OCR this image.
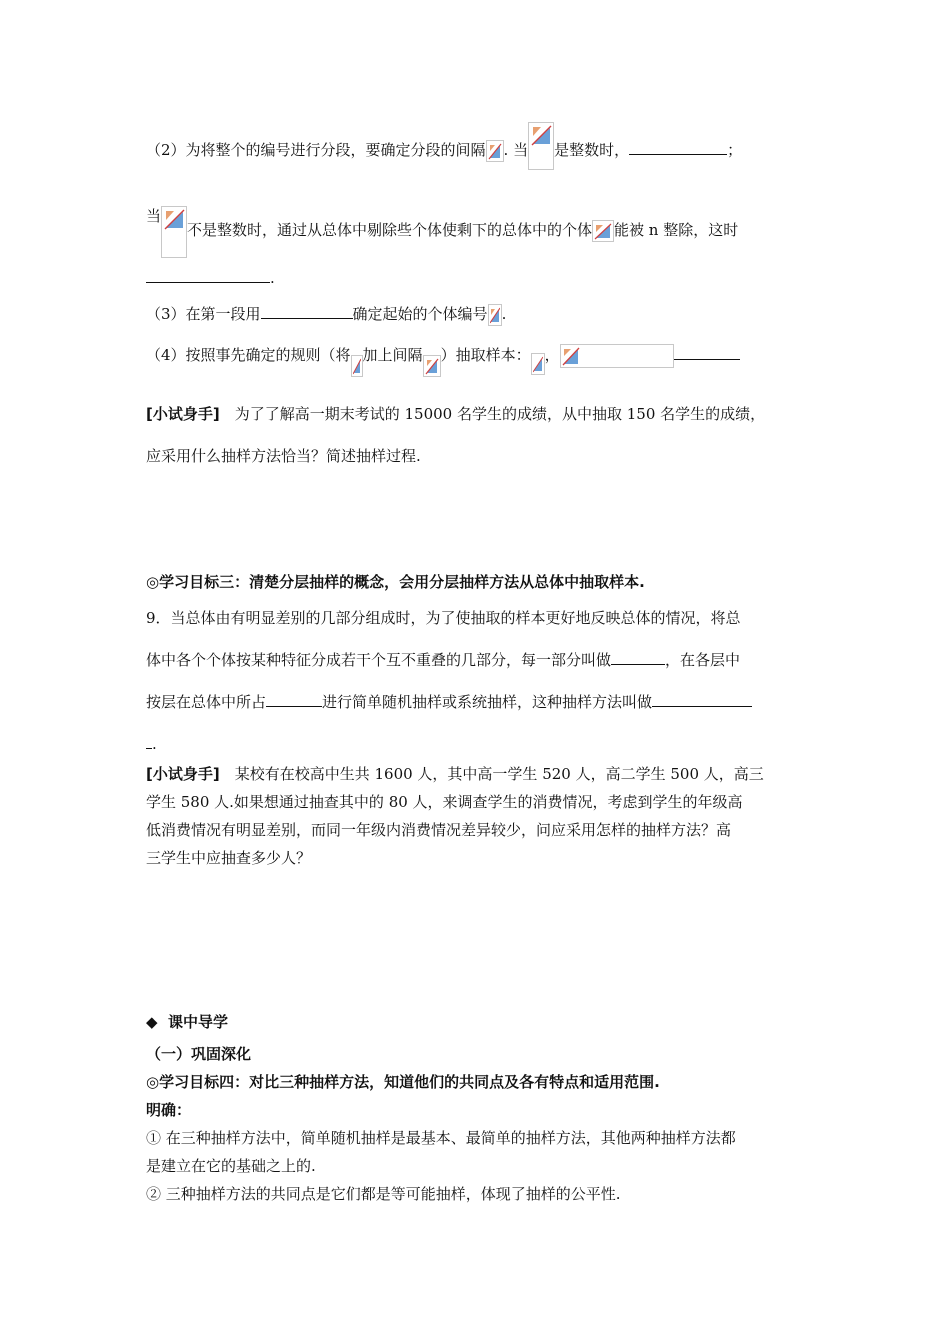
（2）为将整个的编号进行分段，要确定分段的间隔 . 当 是整数时，	；
当
不是整数时，通过从总体中剔除些个体使剩下的总体中的个体 能被 n 整除，这时
.
（3）在第一段用	确定起始的个体编号 .
（4）按照事先确定的规则（将 加上间隔 ）抽取样本： ，
[小试身手]　为了了解高一期末考试的 15000 名学生的成绩，从中抽取 150 名学生的成绩，
应采用什么抽样方法恰当？简述抽样过程.
◎学习目标三：清楚分层抽样的概念，会用分层抽样方法从总体中抽取样本.
9．当总体由有明显差别的几部分组成时，为了使抽取的样本更好地反映总体的情况，将总
体中各个个体按某种特征分成若干个互不重叠的几部分，每一部分叫做	，在各层中
按层在总体中所占	进行简单随机抽样或系统抽样，这种抽样方法叫做
.
[小试身手]　某校有在校高中生共 1600 人，其中高一学生 520 人，高二学生 500 人，高三
学生 580 人.如果想通过抽查其中的 80 人，来调查学生的消费情况，考虑到学生的年级高
低消费情况有明显差别，而同一年级内消费情况差异较少，问应采用怎样的抽样方法？高
三学生中应抽查多少人？
◆ 课中导学
（一）巩固深化
◎学习目标四：对比三种抽样方法，知道他们的共同点及各有特点和适用范围.
明确：
① 在三种抽样方法中，简单随机抽样是最基本、最简单的抽样方法，其他两种抽样方法都
是建立在它的基础之上的.
② 三种抽样方法的共同点是它们都是等可能抽样，体现了抽样的公平性.
